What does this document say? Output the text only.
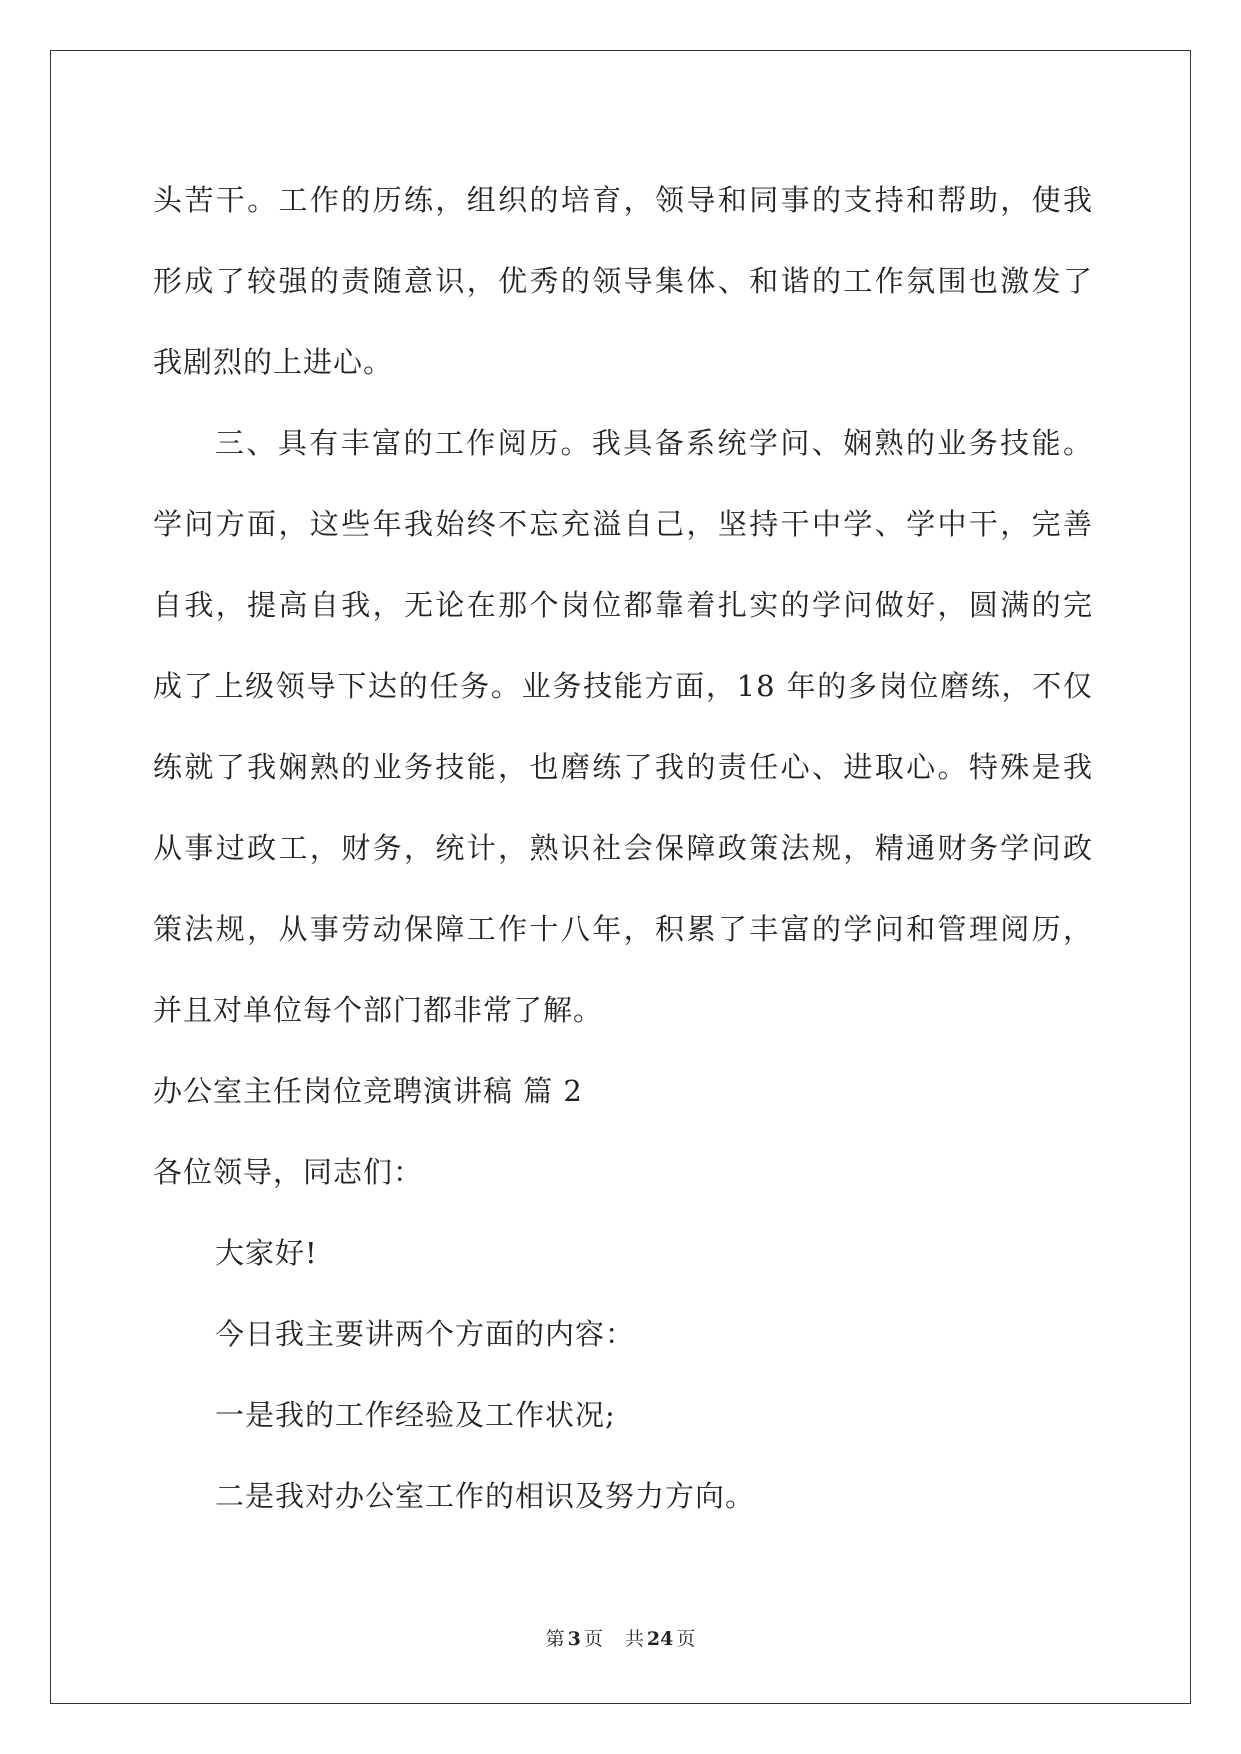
头苦干。工作的历练，组织的培育，领导和同事的支持和帮助，使我
形成了较强的责随意识，优秀的领导集体、和谐的工作氛围也激发了
我剧烈的上进心。
三、具有丰富的工作阅历。我具备系统学问、娴熟的业务技能。
学问方面，这些年我始终不忘充溢自己，坚持干中学、学中干，完善
自我，提高自我，无论在那个岗位都靠着扎实的学问做好，圆满的完
成了上级领导下达的任务。业务技能方面，18 年的多岗位磨练，不仅
练就了我娴熟的业务技能，也磨练了我的责任心、进取心。特殊是我
从事过政工，财务，统计，熟识社会保障政策法规，精通财务学问政
策法规，从事劳动保障工作十八年，积累了丰富的学问和管理阅历，
并且对单位每个部门都非常了解。
办公室主任岗位竞聘演讲稿 篇 2
各位领导，同志们：
大家好!
今日我主要讲两个方面的内容：
一是我的工作经验及工作状况;
二是我对办公室工作的相识及努力方向。
第 3 页 共 24 页
